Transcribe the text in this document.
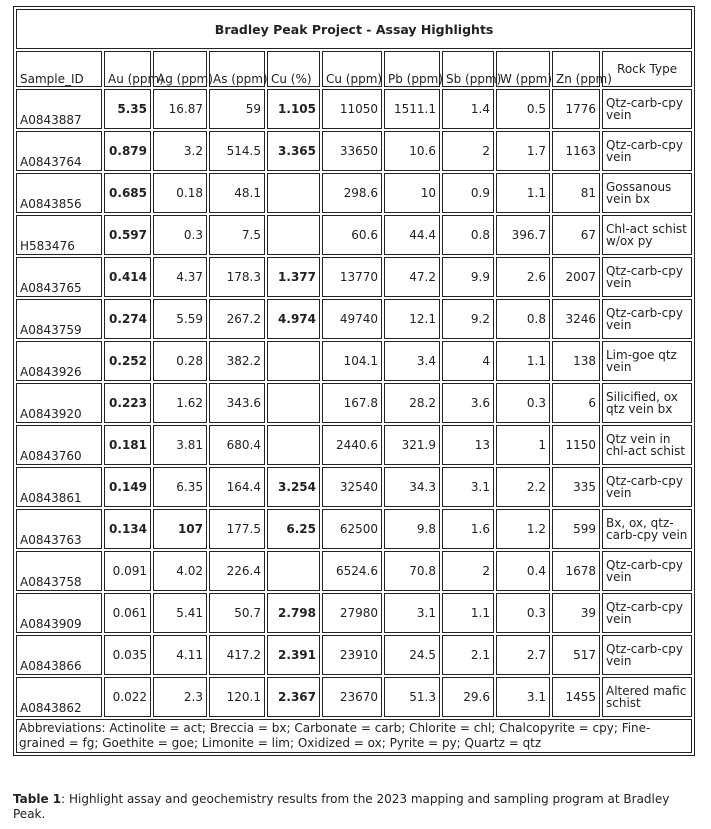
Bradley Peak Project - Assay Highlights										
Sample_ID	Au (ppm)	Ag (ppm)	As (ppm)	Cu (%)	Cu (ppm)	Pb (ppm)	Sb (ppm)	W (ppm)	Zn (ppm)	Rock Type
A0843887	5.35	16.87	59	1.105	11050	1511.1	1.4	0.5	1776	Qtz-carb-cpy vein
A0843764	0.879	3.2	514.5	3.365	33650	10.6	2	1.7	1163	Qtz-carb-cpy vein
A0843856	0.685	0.18	48.1		298.6	10	0.9	1.1	81	Gossanous vein bx
H583476	0.597	0.3	7.5		60.6	44.4	0.8	396.7	67	Chl-act schist w/ox py
A0843765	0.414	4.37	178.3	1.377	13770	47.2	9.9	2.6	2007	Qtz-carb-cpy vein
A0843759	0.274	5.59	267.2	4.974	49740	12.1	9.2	0.8	3246	Qtz-carb-cpy vein
A0843926	0.252	0.28	382.2		104.1	3.4	4	1.1	138	Lim-goe qtz vein
A0843920	0.223	1.62	343.6		167.8	28.2	3.6	0.3	6	Silicified, ox qtz vein bx
A0843760	0.181	3.81	680.4		2440.6	321.9	13	1	1150	Qtz vein in chl-act schist
A0843861	0.149	6.35	164.4	3.254	32540	34.3	3.1	2.2	335	Qtz-carb-cpy vein
A0843763	0.134	107	177.5	6.25	62500	9.8	1.6	1.2	599	Bx, ox, qtz-carb-cpy vein
A0843758	0.091	4.02	226.4		6524.6	70.8	2	0.4	1678	Qtz-carb-cpy vein
A0843909	0.061	5.41	50.7	2.798	27980	3.1	1.1	0.3	39	Qtz-carb-cpy vein
A0843866	0.035	4.11	417.2	2.391	23910	24.5	2.1	2.7	517	Qtz-carb-cpy vein
A0843862	0.022	2.3	120.1	2.367	23670	51.3	29.6	3.1	1455	Altered mafic schist
Abbreviations: Actinolite = act; Breccia = bx; Carbonate = carb; Chlorite = chl; Chalcopyrite = cpy; Fine-grained = fg; Goethite = goe; Limonite = lim; Oxidized = ox; Pyrite = py; Quartz = qtz										
Table 1: Highlight assay and geochemistry results from the 2023 mapping and sampling program at Bradley Peak.
